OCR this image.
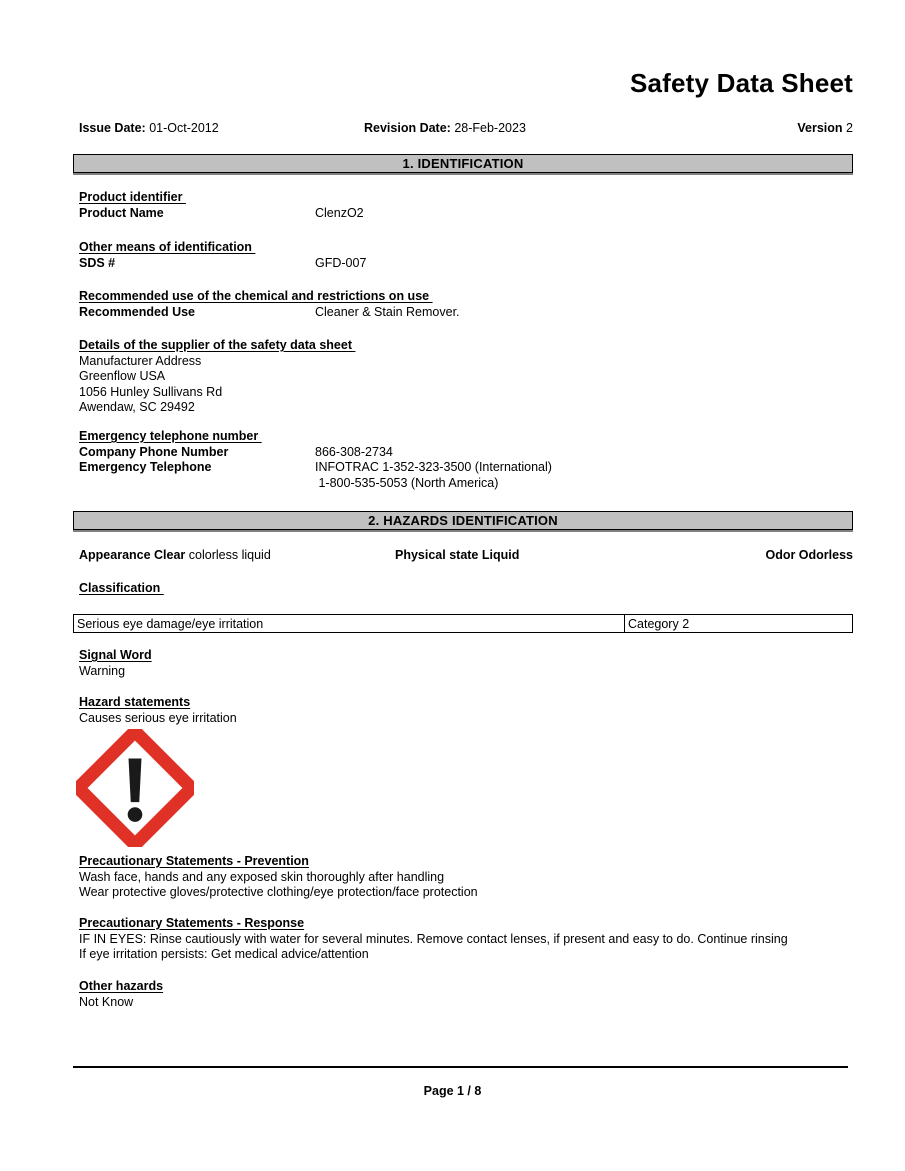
Safety Data Sheet
Issue Date: 01-Oct-2012	Revision Date: 28-Feb-2023	Version 2
1. IDENTIFICATION
Product identifier
Product Name	ClenzO2
Other means of identification
SDS #	GFD-007
Recommended use of the chemical and restrictions on use
Recommended Use	Cleaner & Stain Remover.
Details of the supplier of the safety data sheet
Manufacturer Address
Greenflow USA
1056 Hunley Sullivans Rd
Awendaw, SC 29492
Emergency telephone number
Company Phone Number	866-308-2734
Emergency Telephone	INFOTRAC 1-352-323-3500 (International)
1-800-535-5053 (North America)
2. HAZARDS IDENTIFICATION
Appearance Clear colorless liquid	Physical state Liquid	Odor Odorless
Classification
Serious eye damage/eye irritation	Category 2
Signal Word
Warning
Hazard statements
Causes serious eye irritation
Precautionary Statements - Prevention
Wash face, hands and any exposed skin thoroughly after handling
Wear protective gloves/protective clothing/eye protection/face protection
Precautionary Statements - Response
IF IN EYES: Rinse cautiously with water for several minutes. Remove contact lenses, if present and easy to do. Continue rinsing
If eye irritation persists: Get medical advice/attention
Other hazards
Not Know
Page 1 / 8
